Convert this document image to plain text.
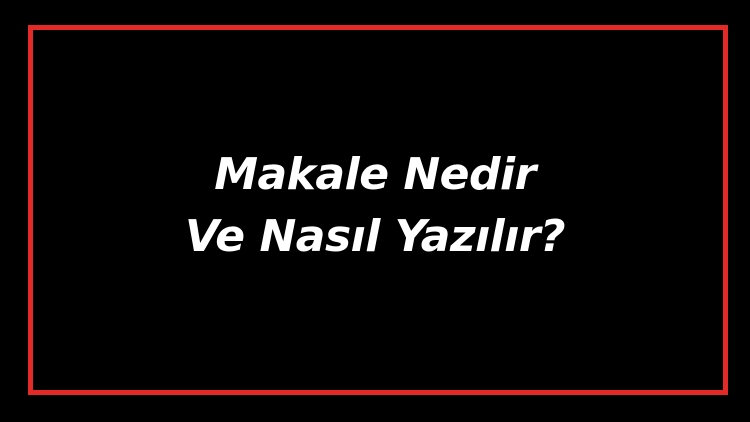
Makale Nedir
Ve Nasıl Yazılır?
